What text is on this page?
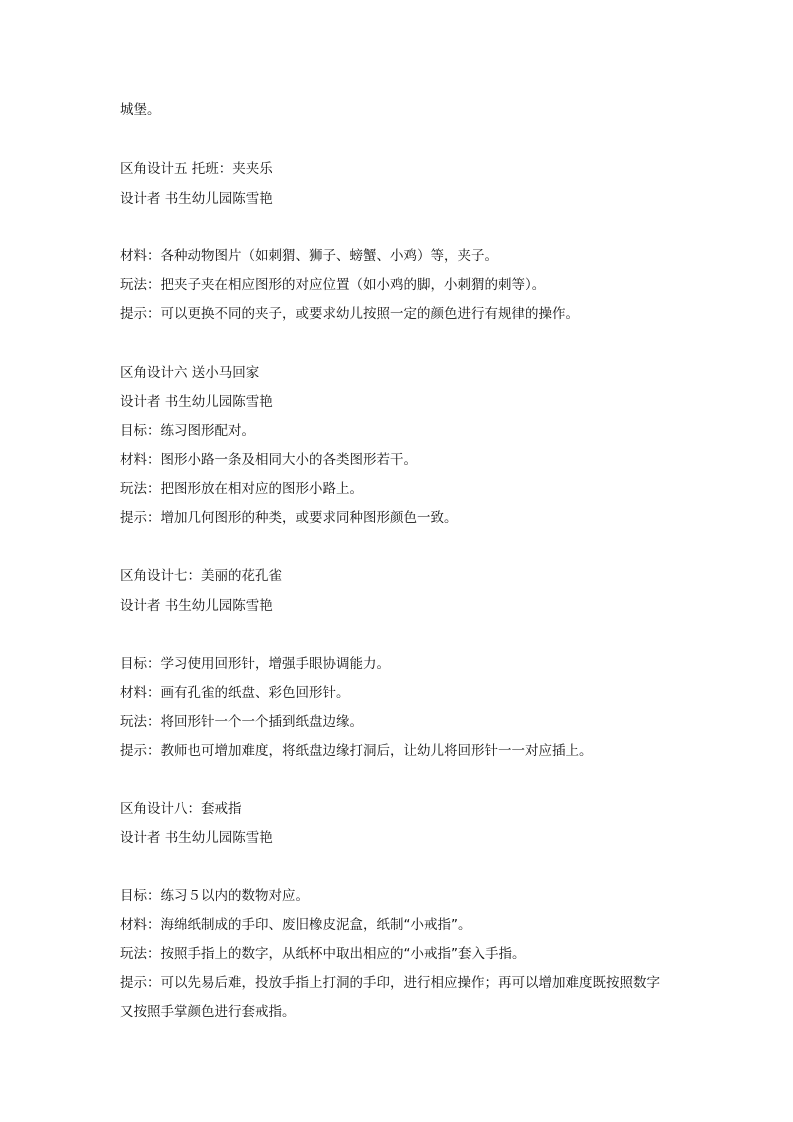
城堡。
区角设计五 托班：夹夹乐
设计者 书生幼儿园陈雪艳
材料：各种动物图片（如刺猬、狮子、螃蟹、小鸡）等，夹子。
玩法：把夹子夹在相应图形的对应位置（如小鸡的脚，小刺猬的刺等）。
提示：可以更换不同的夹子，或要求幼儿按照一定的颜色进行有规律的操作。
区角设计六 送小马回家
设计者 书生幼儿园陈雪艳
目标：练习图形配对。
材料：图形小路一条及相同大小的各类图形若干。
玩法：把图形放在相对应的图形小路上。
提示：增加几何图形的种类，或要求同种图形颜色一致。
区角设计七：美丽的花孔雀
设计者 书生幼儿园陈雪艳
目标：学习使用回形针，增强手眼协调能力。
材料：画有孔雀的纸盘、彩色回形针。
玩法：将回形针一个一个插到纸盘边缘。
提示：教师也可增加难度，将纸盘边缘打洞后，让幼儿将回形针一一对应插上。
区角设计八：套戒指
设计者 书生幼儿园陈雪艳
目标：练习５以内的数物对应。
材料：海绵纸制成的手印、废旧橡皮泥盒，纸制“小戒指”。
玩法：按照手指上的数字，从纸杯中取出相应的“小戒指”套入手指。
提示：可以先易后难，投放手指上打洞的手印，进行相应操作；再可以增加难度既按照数字
又按照手掌颜色进行套戒指。
